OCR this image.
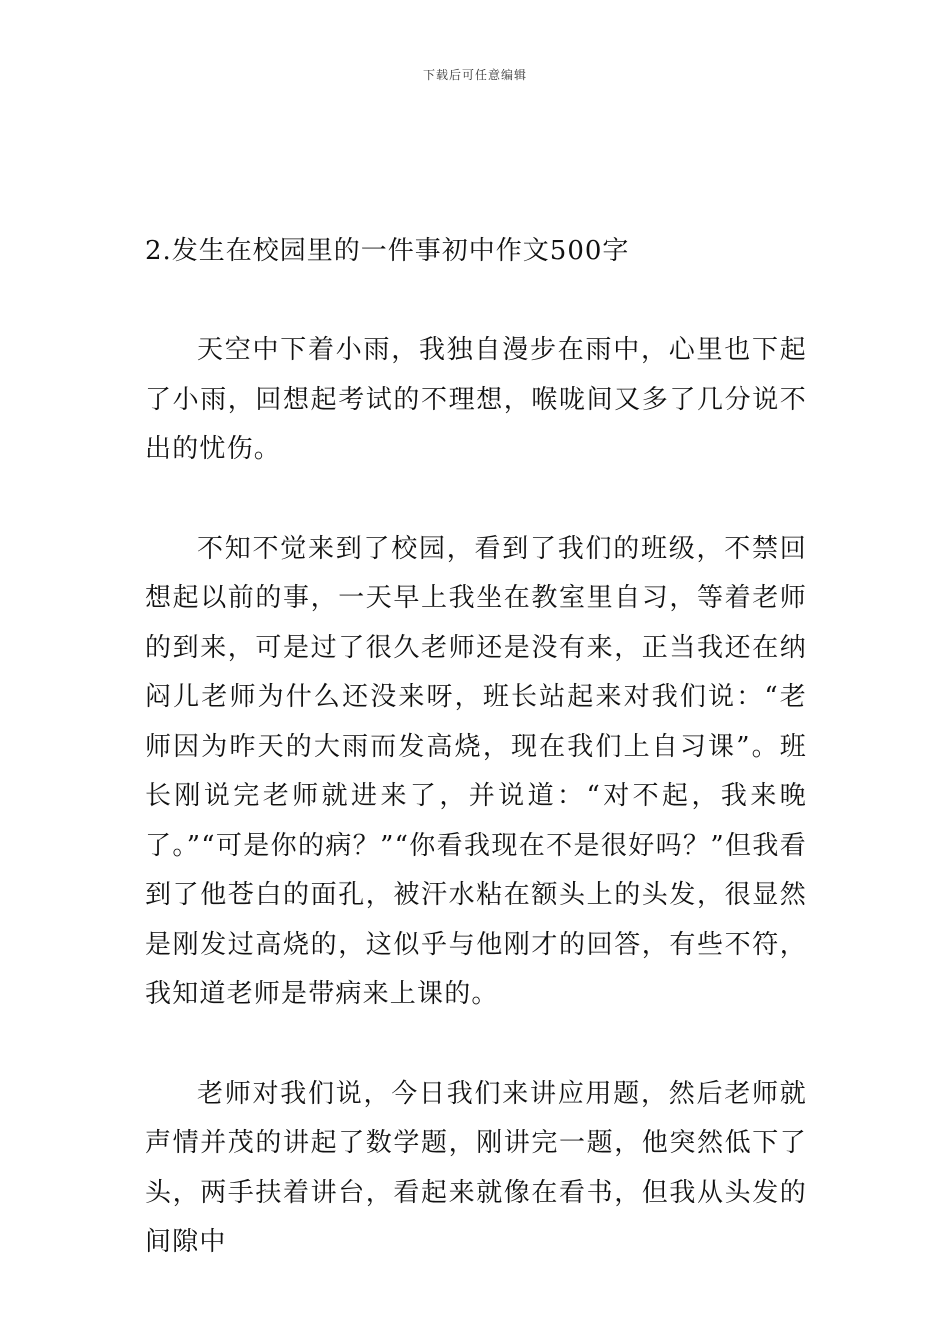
下载后可任意编辑

2.发生在校园里的一件事初中作文500字

天空中下着小雨，我独自漫步在雨中，心里也下起了小雨，回想起考试的不理想，喉咙间又多了几分说不出的忧伤。

不知不觉来到了校园，看到了我们的班级，不禁回想起以前的事，一天早上我坐在教室里自习，等着老师的到来，可是过了很久老师还是没有来，正当我还在纳闷儿老师为什么还没来呀，班长站起来对我们说：“老师因为昨天的大雨而发高烧，现在我们上自习课”。班长刚说完老师就进来了，并说道：“对不起，我来晚了。”“可是你的病？”“你看我现在不是很好吗？”但我看到了他苍白的面孔，被汗水粘在额头上的头发，很显然是刚发过高烧的，这似乎与他刚才的回答，有些不符，我知道老师是带病来上课的。

老师对我们说，今日我们来讲应用题，然后老师就声情并茂的讲起了数学题，刚讲完一题，他突然低下了头，两手扶着讲台，看起来就像在看书，但我从头发的间隙中
